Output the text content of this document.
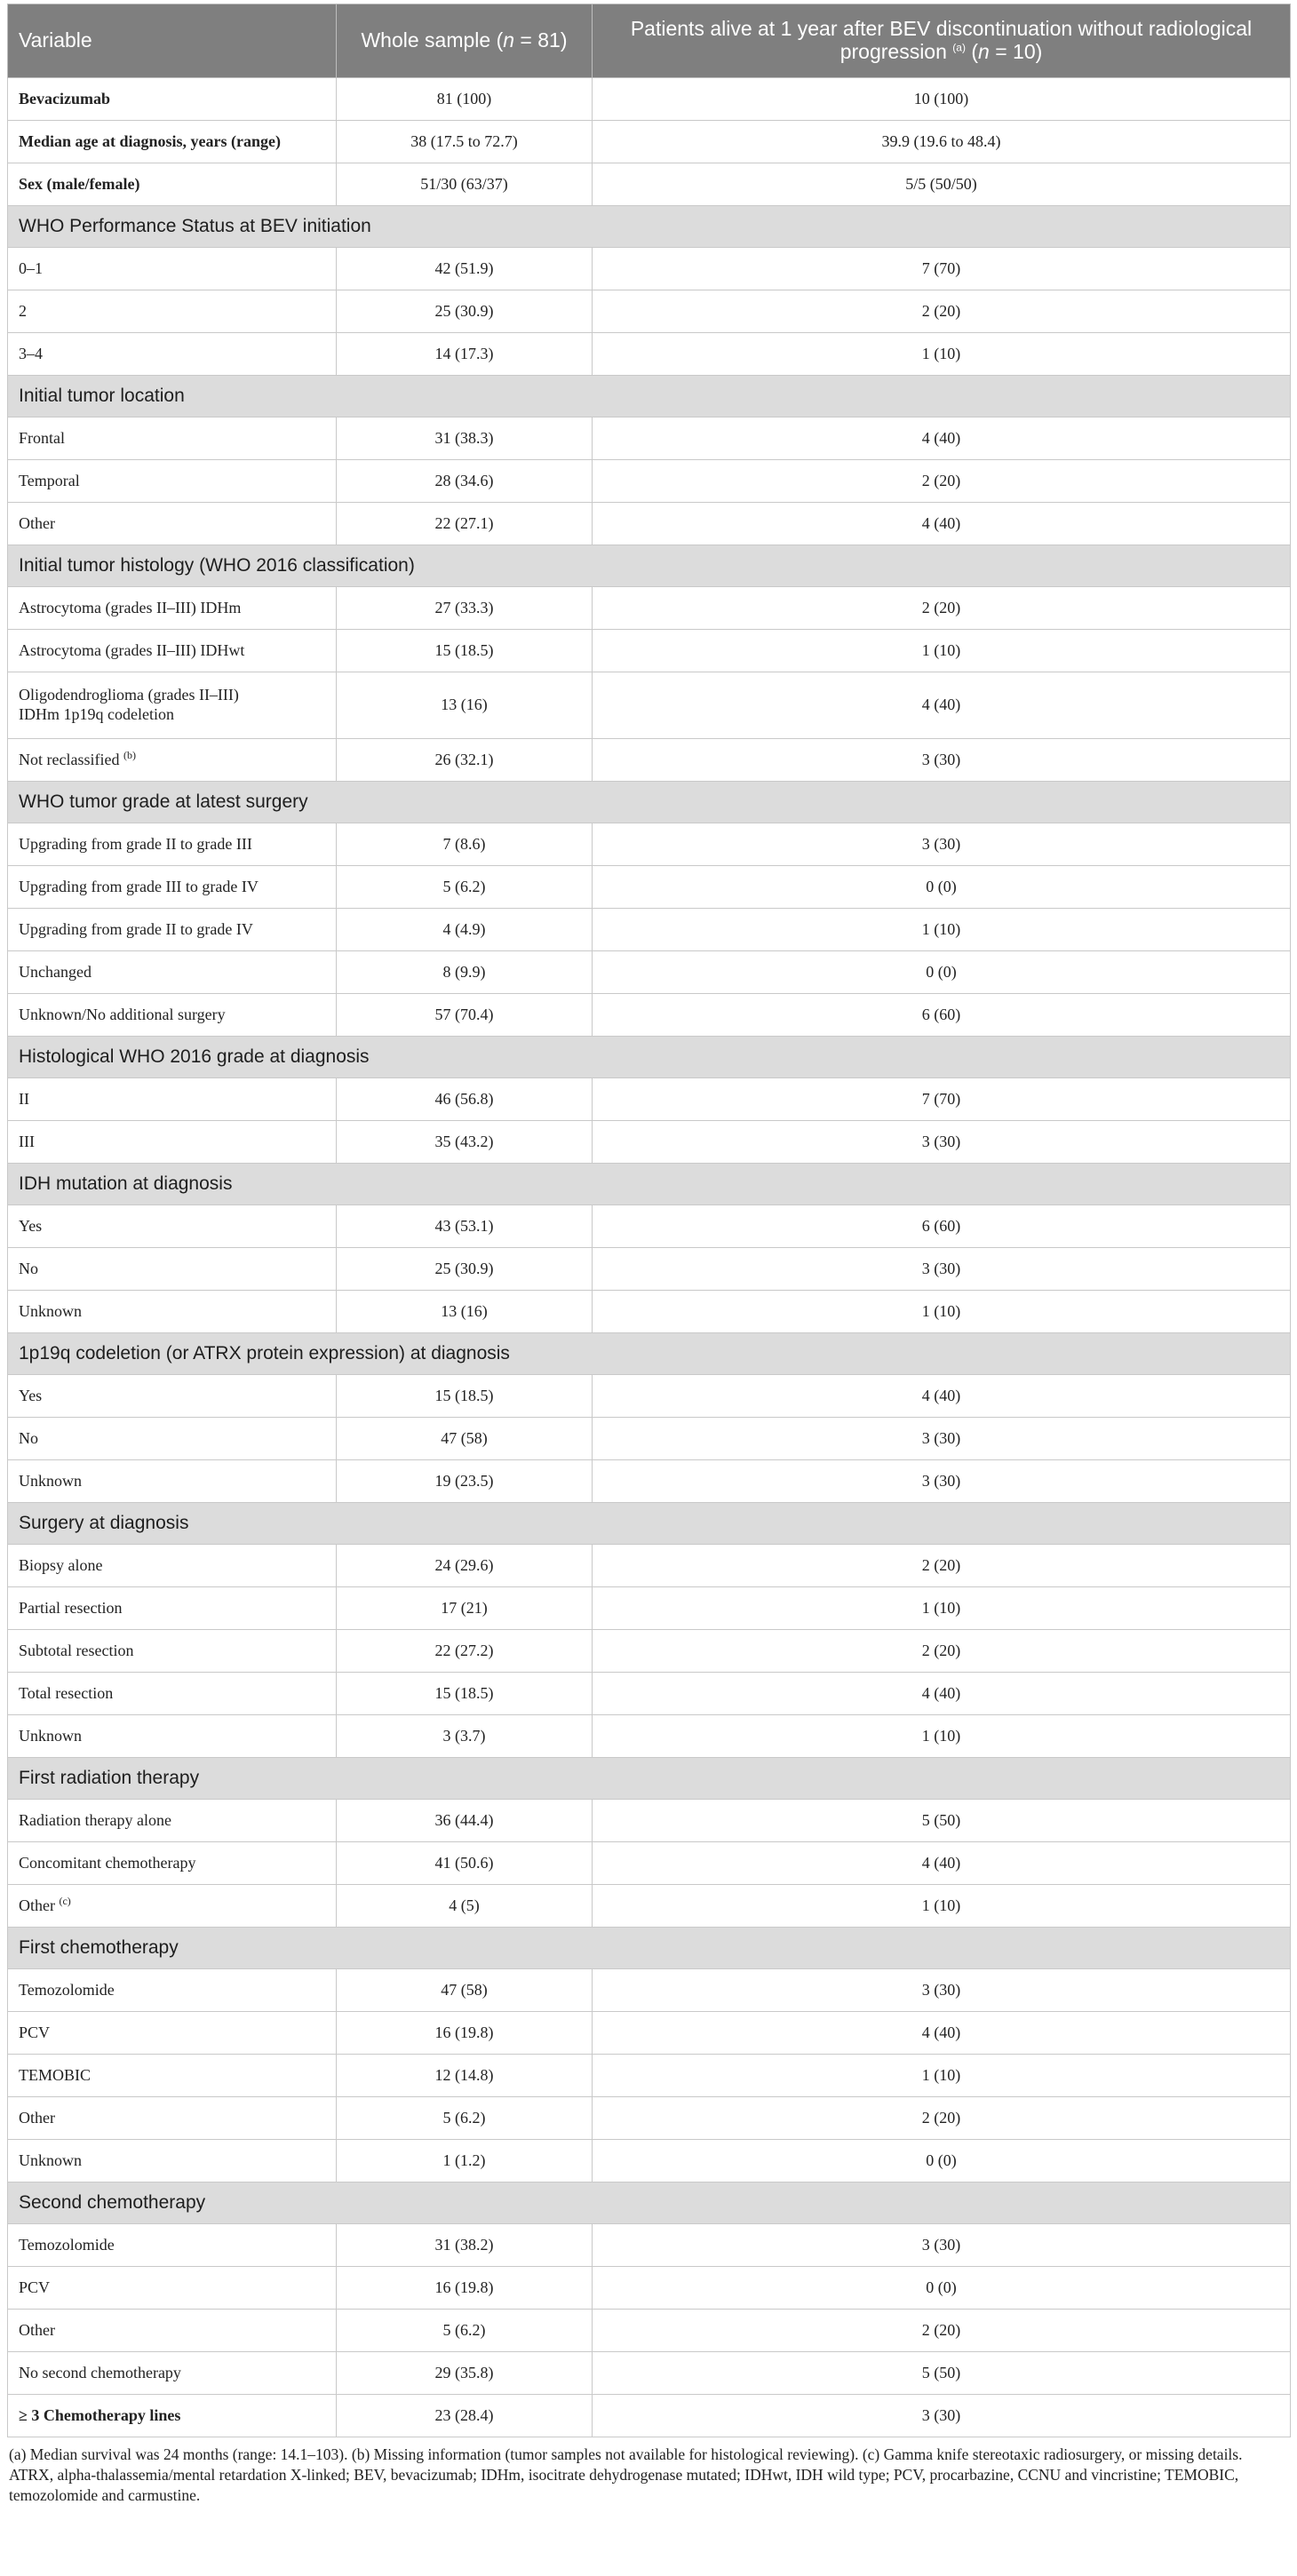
Variable	Whole sample (n = 81)	Patients alive at 1 year after BEV discontinuation without radiological
progression $^{(a)}$ (n = 10)
Bevacizumab	81 (100)	10 (100)
Median age at diagnosis, years (range)	38 (17.5 to 72.7)	39.9 (19.6 to 48.4)
Sex (male/female)	51/30 (63/37)	5/5 (50/50)
WHO Performance Status at BEV initiation		
0–1	42 (51.9)	7 (70)
2	25 (30.9)	2 (20)
3–4	14 (17.3)	1 (10)
Initial tumor location		
Frontal	31 (38.3)	4 (40)
Temporal	28 (34.6)	2 (20)
Other	22 (27.1)	4 (40)
Initial tumor histology (WHO 2016 classification)		
Astrocytoma (grades II–III) IDHm	27 (33.3)	2 (20)
Astrocytoma (grades II–III) IDHwt	15 (18.5)	1 (10)
Oligodendroglioma (grades II–III)
IDHm 1p19q codeletion	13 (16)	4 (40)
Not reclassified $^{(b)}$	26 (32.1)	3 (30)
WHO tumor grade at latest surgery		
Upgrading from grade II to grade III	7 (8.6)	3 (30)
Upgrading from grade III to grade IV	5 (6.2)	0 (0)
Upgrading from grade II to grade IV	4 (4.9)	1 (10)
Unchanged	8 (9.9)	0 (0)
Unknown/No additional surgery	57 (70.4)	6 (60)
Histological WHO 2016 grade at diagnosis		
II	46 (56.8)	7 (70)
III	35 (43.2)	3 (30)
IDH mutation at diagnosis		
Yes	43 (53.1)	6 (60)
No	25 (30.9)	3 (30)
Unknown	13 (16)	1 (10)
1p19q codeletion (or ATRX protein expression) at diagnosis		
Yes	15 (18.5)	4 (40)
No	47 (58)	3 (30)
Unknown	19 (23.5)	3 (30)
Surgery at diagnosis		
Biopsy alone	24 (29.6)	2 (20)
Partial resection	17 (21)	1 (10)
Subtotal resection	22 (27.2)	2 (20)
Total resection	15 (18.5)	4 (40)
Unknown	3 (3.7)	1 (10)
First radiation therapy		
Radiation therapy alone	36 (44.4)	5 (50)
Concomitant chemotherapy	41 (50.6)	4 (40)
Other $^{(c)}$	4 (5)	1 (10)
First chemotherapy		
Temozolomide	47 (58)	3 (30)
PCV	16 (19.8)	4 (40)
TEMOBIC	12 (14.8)	1 (10)
Other	5 (6.2)	2 (20)
Unknown	1 (1.2)	0 (0)
Second chemotherapy		
Temozolomide	31 (38.2)	3 (30)
PCV	16 (19.8)	0 (0)
Other	5 (6.2)	2 (20)
No second chemotherapy	29 (35.8)	5 (50)
≥ 3 Chemotherapy lines	23 (28.4)	3 (30)

(a) Median survival was 24 months (range: 14.1–103). (b) Missing information (tumor samples not available for histological reviewing). (c) Gamma knife stereotaxic radiosurgery, or missing details.

ATRX, alpha-thalassemia/mental retardation X-linked; BEV, bevacizumab; IDHm, isocitrate dehydrogenase mutated; IDHwt, IDH wild type; PCV, procarbazine, CCNU and vincristine; TEMOBIC, temozolomide and carmustine.
